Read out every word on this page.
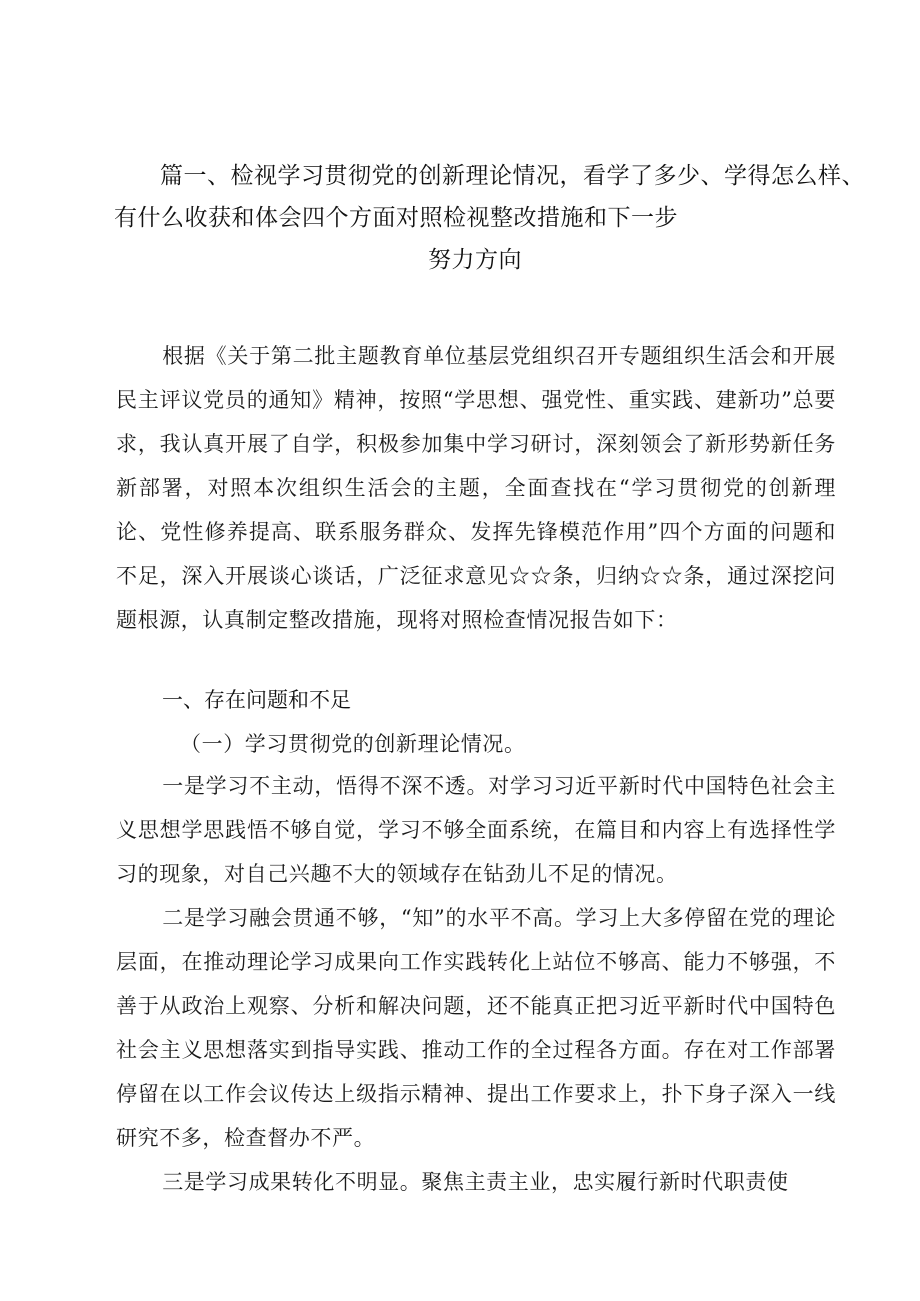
篇一、检视学习贯彻党的创新理论情况，看学了多少、学得怎么样、
有什么收获和体会四个方面对照检视整改措施和下一步
努力方向

根据《关于第二批主题教育单位基层党组织召开专题组织生活会和开展民主评议党员的通知》精神，按照“学思想、强党性、重实践、建新功”总要求，我认真开展了自学，积极参加集中学习研讨，深刻领会了新形势新任务新部署，对照本次组织生活会的主题，全面查找在“学习贯彻党的创新理论、党性修养提高、联系服务群众、发挥先锋模范作用”四个方面的问题和不足，深入开展谈心谈话，广泛征求意见☆☆条，归纳☆☆条，通过深挖问题根源，认真制定整改措施，现将对照检查情况报告如下：

一、存在问题和不足
（一）学习贯彻党的创新理论情况。

一是学习不主动，悟得不深不透。对学习习近平新时代中国特色社会主义思想学思践悟不够自觉，学习不够全面系统，在篇目和内容上有选择性学习的现象，对自己兴趣不大的领域存在钻劲儿不足的情况。

二是学习融会贯通不够，“知”的水平不高。学习上大多停留在党的理论层面，在推动理论学习成果向工作实践转化上站位不够高、能力不够强，不善于从政治上观察、分析和解决问题，还不能真正把习近平新时代中国特色社会主义思想落实到指导实践、推动工作的全过程各方面。存在对工作部署停留在以工作会议传达上级指示精神、提出工作要求上，扑下身子深入一线研究不多，检查督办不严。

三是学习成果转化不明显。聚焦主责主业，忠实履行新时代职责使
